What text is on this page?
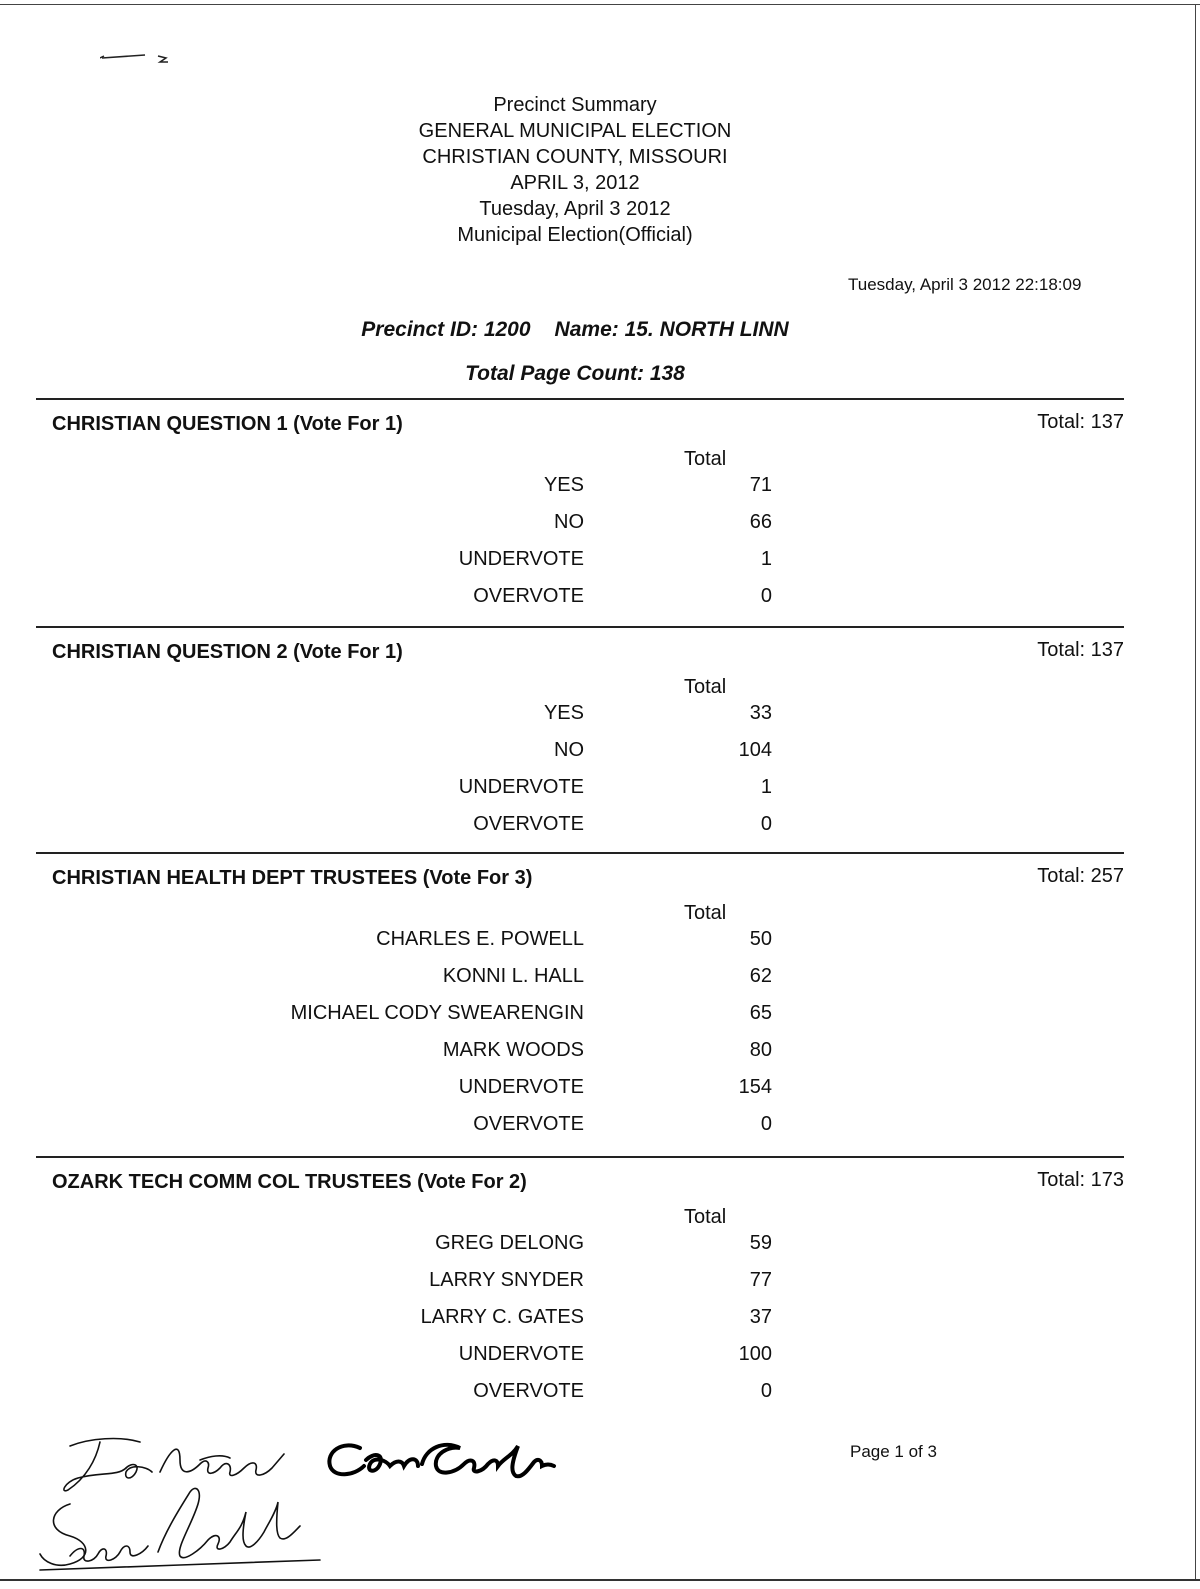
Precinct Summary
GENERAL MUNICIPAL ELECTION
CHRISTIAN COUNTY, MISSOURI
APRIL 3, 2012
Tuesday, April 3 2012
Municipal Election(Official)
Tuesday, April 3 2012 22:18:09
Precinct ID: 1200 Name: 15. NORTH LINN
Total Page Count: 138
CHRISTIAN QUESTION 1 (Vote For 1)	Total: 137
Total
YES	71
NO	66
UNDERVOTE	1
OVERVOTE	0
CHRISTIAN QUESTION 2 (Vote For 1)	Total: 137
Total
YES	33
NO	104
UNDERVOTE	1
OVERVOTE	0
CHRISTIAN HEALTH DEPT TRUSTEES (Vote For 3)	Total: 257
Total
CHARLES E. POWELL	50
KONNI L. HALL	62
MICHAEL CODY SWEARENGIN	65
MARK WOODS	80
UNDERVOTE	154
OVERVOTE	0
OZARK TECH COMM COL TRUSTEES (Vote For 2)	Total: 173
Total
GREG DELONG	59
LARRY SNYDER	77
LARRY C. GATES	37
UNDERVOTE	100
OVERVOTE	0
Page 1 of 3
